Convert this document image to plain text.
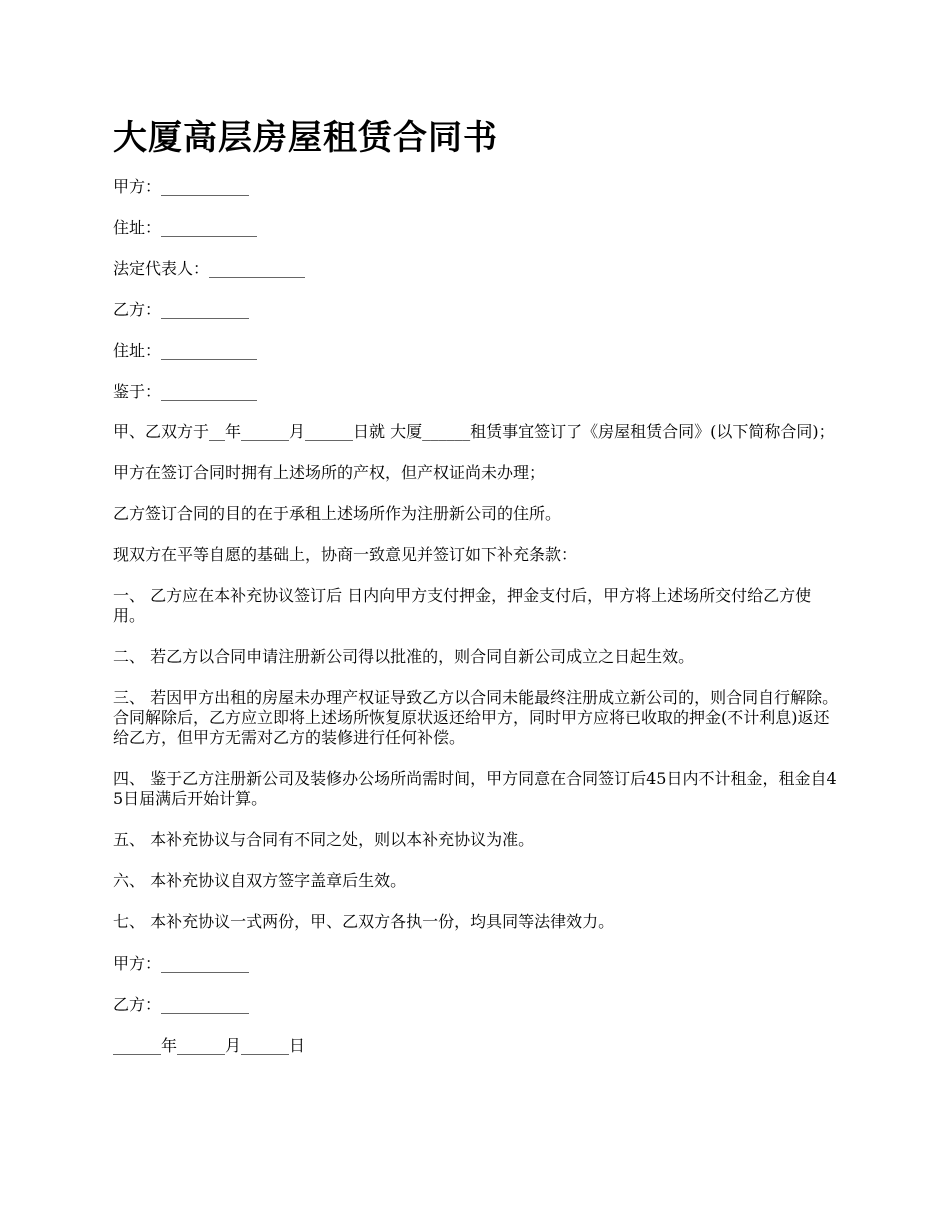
大厦高层房屋租赁合同书

甲方：___________

住址：____________

法定代表人：____________

乙方：___________

住址：____________

鉴于：____________

甲、乙双方于__年______月______日就 大厦______租赁事宜签订了《房屋租赁合同》(以下简称合同)；

甲方在签订合同时拥有上述场所的产权，但产权证尚未办理；

乙方签订合同的目的在于承租上述场所作为注册新公司的住所。

现双方在平等自愿的基础上，协商一致意见并签订如下补充条款：

一、 乙方应在本补充协议签订后 日内向甲方支付押金，押金支付后，甲方将上述场所交付给乙方使用。

二、 若乙方以合同申请注册新公司得以批准的，则合同自新公司成立之日起生效。

三、 若因甲方出租的房屋未办理产权证导致乙方以合同未能最终注册成立新公司的，则合同自行解除。合同解除后，乙方应立即将上述场所恢复原状返还给甲方，同时甲方应将已收取的押金(不计利息)返还给乙方，但甲方无需对乙方的装修进行任何补偿。

四、 鉴于乙方注册新公司及装修办公场所尚需时间，甲方同意在合同签订后45日内不计租金，租金自45日届满后开始计算。

五、 本补充协议与合同有不同之处，则以本补充协议为准。

六、 本补充协议自双方签字盖章后生效。

七、 本补充协议一式两份，甲、乙双方各执一份，均具同等法律效力。

甲方：___________

乙方：___________

______年______月______日
